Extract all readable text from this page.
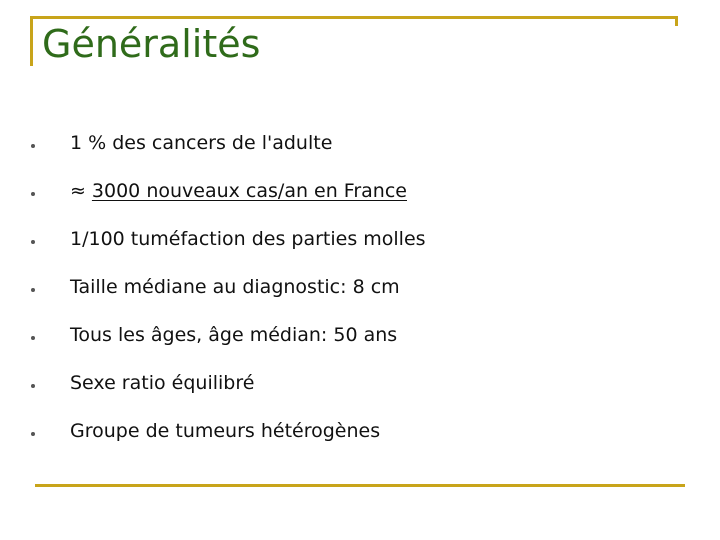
Généralités
1 % des cancers de l'adulte
≈ 3000 nouveaux cas/an en France
1/100 tuméfaction des parties molles
Taille médiane au diagnostic: 8 cm
Tous les âges, âge médian: 50 ans
Sexe ratio équilibré
Groupe de tumeurs hétérogènes
